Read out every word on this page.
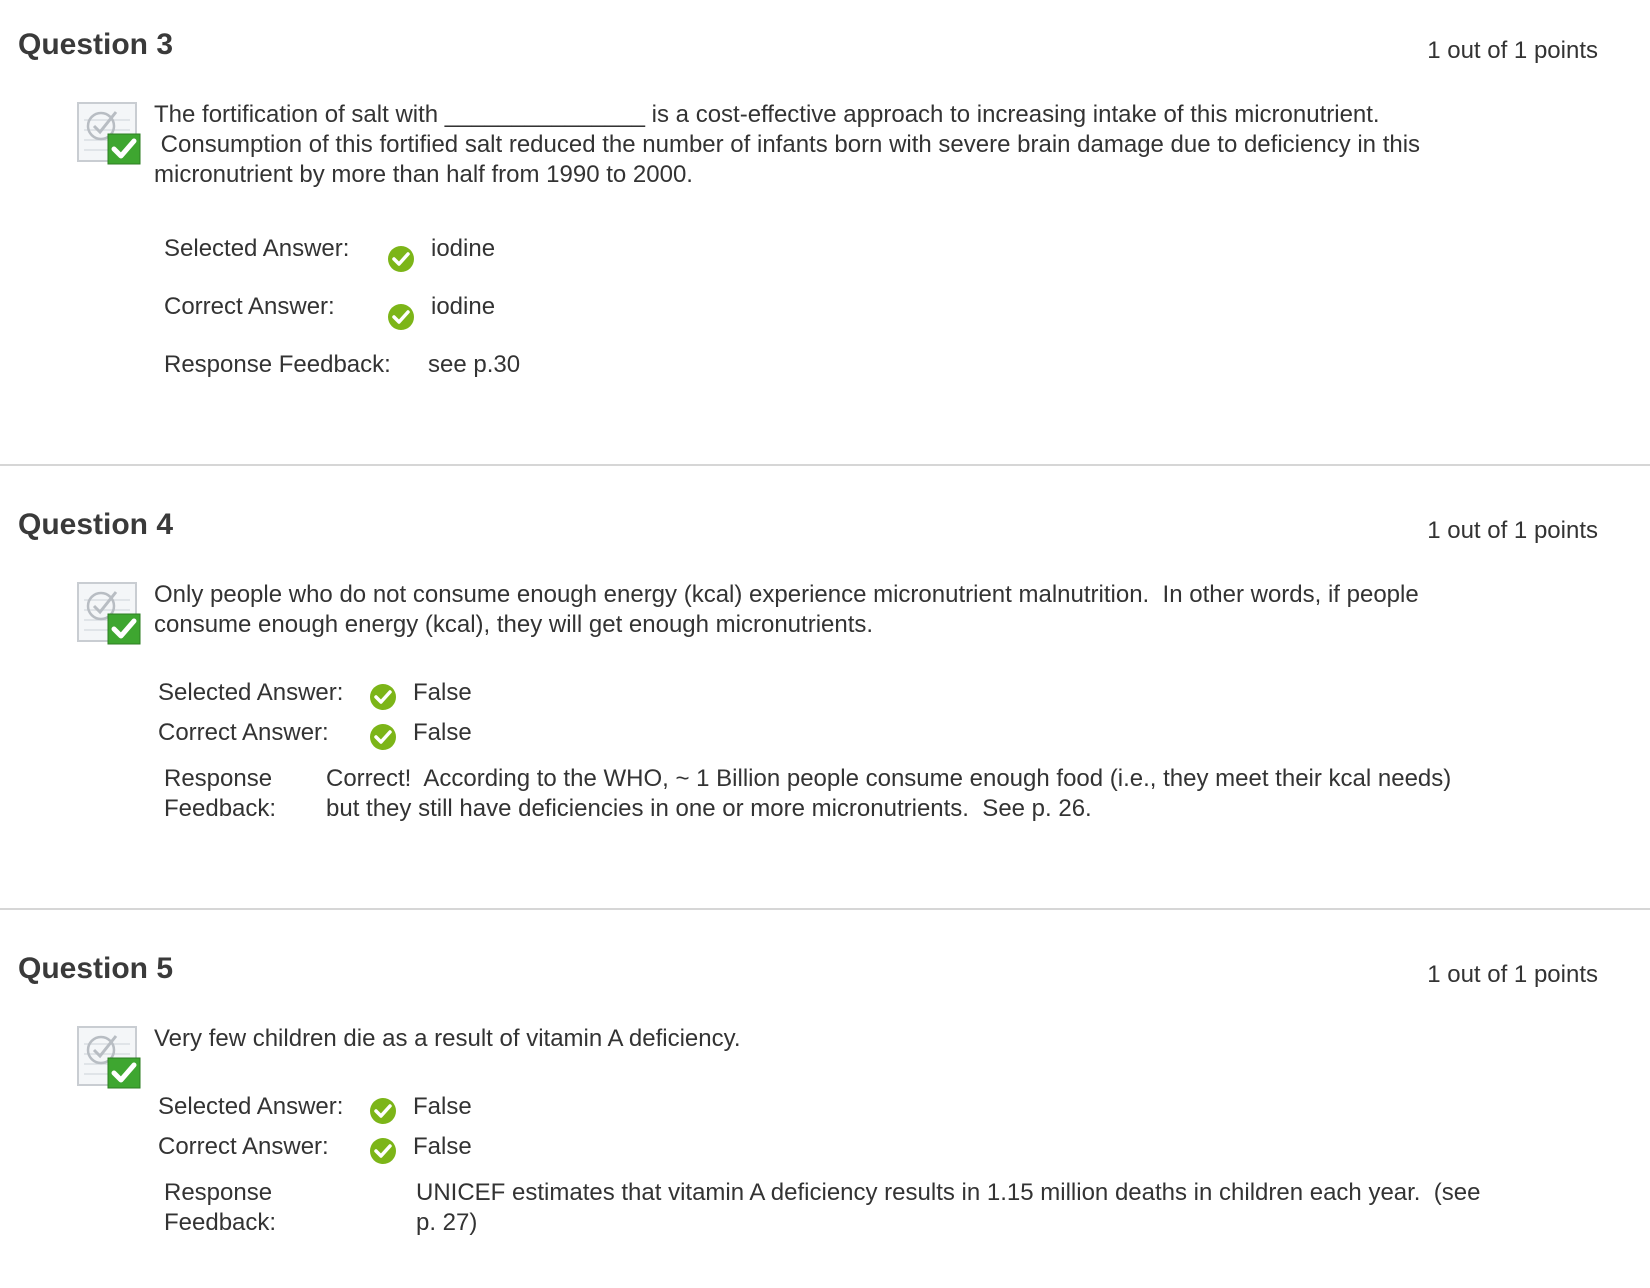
Question 3	1 out of 1 points
The fortification of salt with _______________ is a cost-effective approach to increasing intake of this micronutrient.
Consumption of this fortified salt reduced the number of infants born with severe brain damage due to deficiency in this
micronutrient by more than half from 1990 to 2000.
Selected Answer:	iodine
Correct Answer:	iodine
Response Feedback: see p.30
Question 4	1 out of 1 points
Only people who do not consume enough energy (kcal) experience micronutrient malnutrition.  In other words, if people
consume enough energy (kcal), they will get enough micronutrients.
Selected Answer:	False
Correct Answer:	False
Response
Feedback:
Correct!  According to the WHO, ~ 1 Billion people consume enough food (i.e., they meet their kcal needs)
but they still have deficiencies in one or more micronutrients.  See p. 26.
Question 5	1 out of 1 points
Very few children die as a result of vitamin A deficiency.
Selected Answer:	False
Correct Answer:	False
Response
Feedback:
UNICEF estimates that vitamin A deficiency results in 1.15 million deaths in children each year.  (see
p. 27)
